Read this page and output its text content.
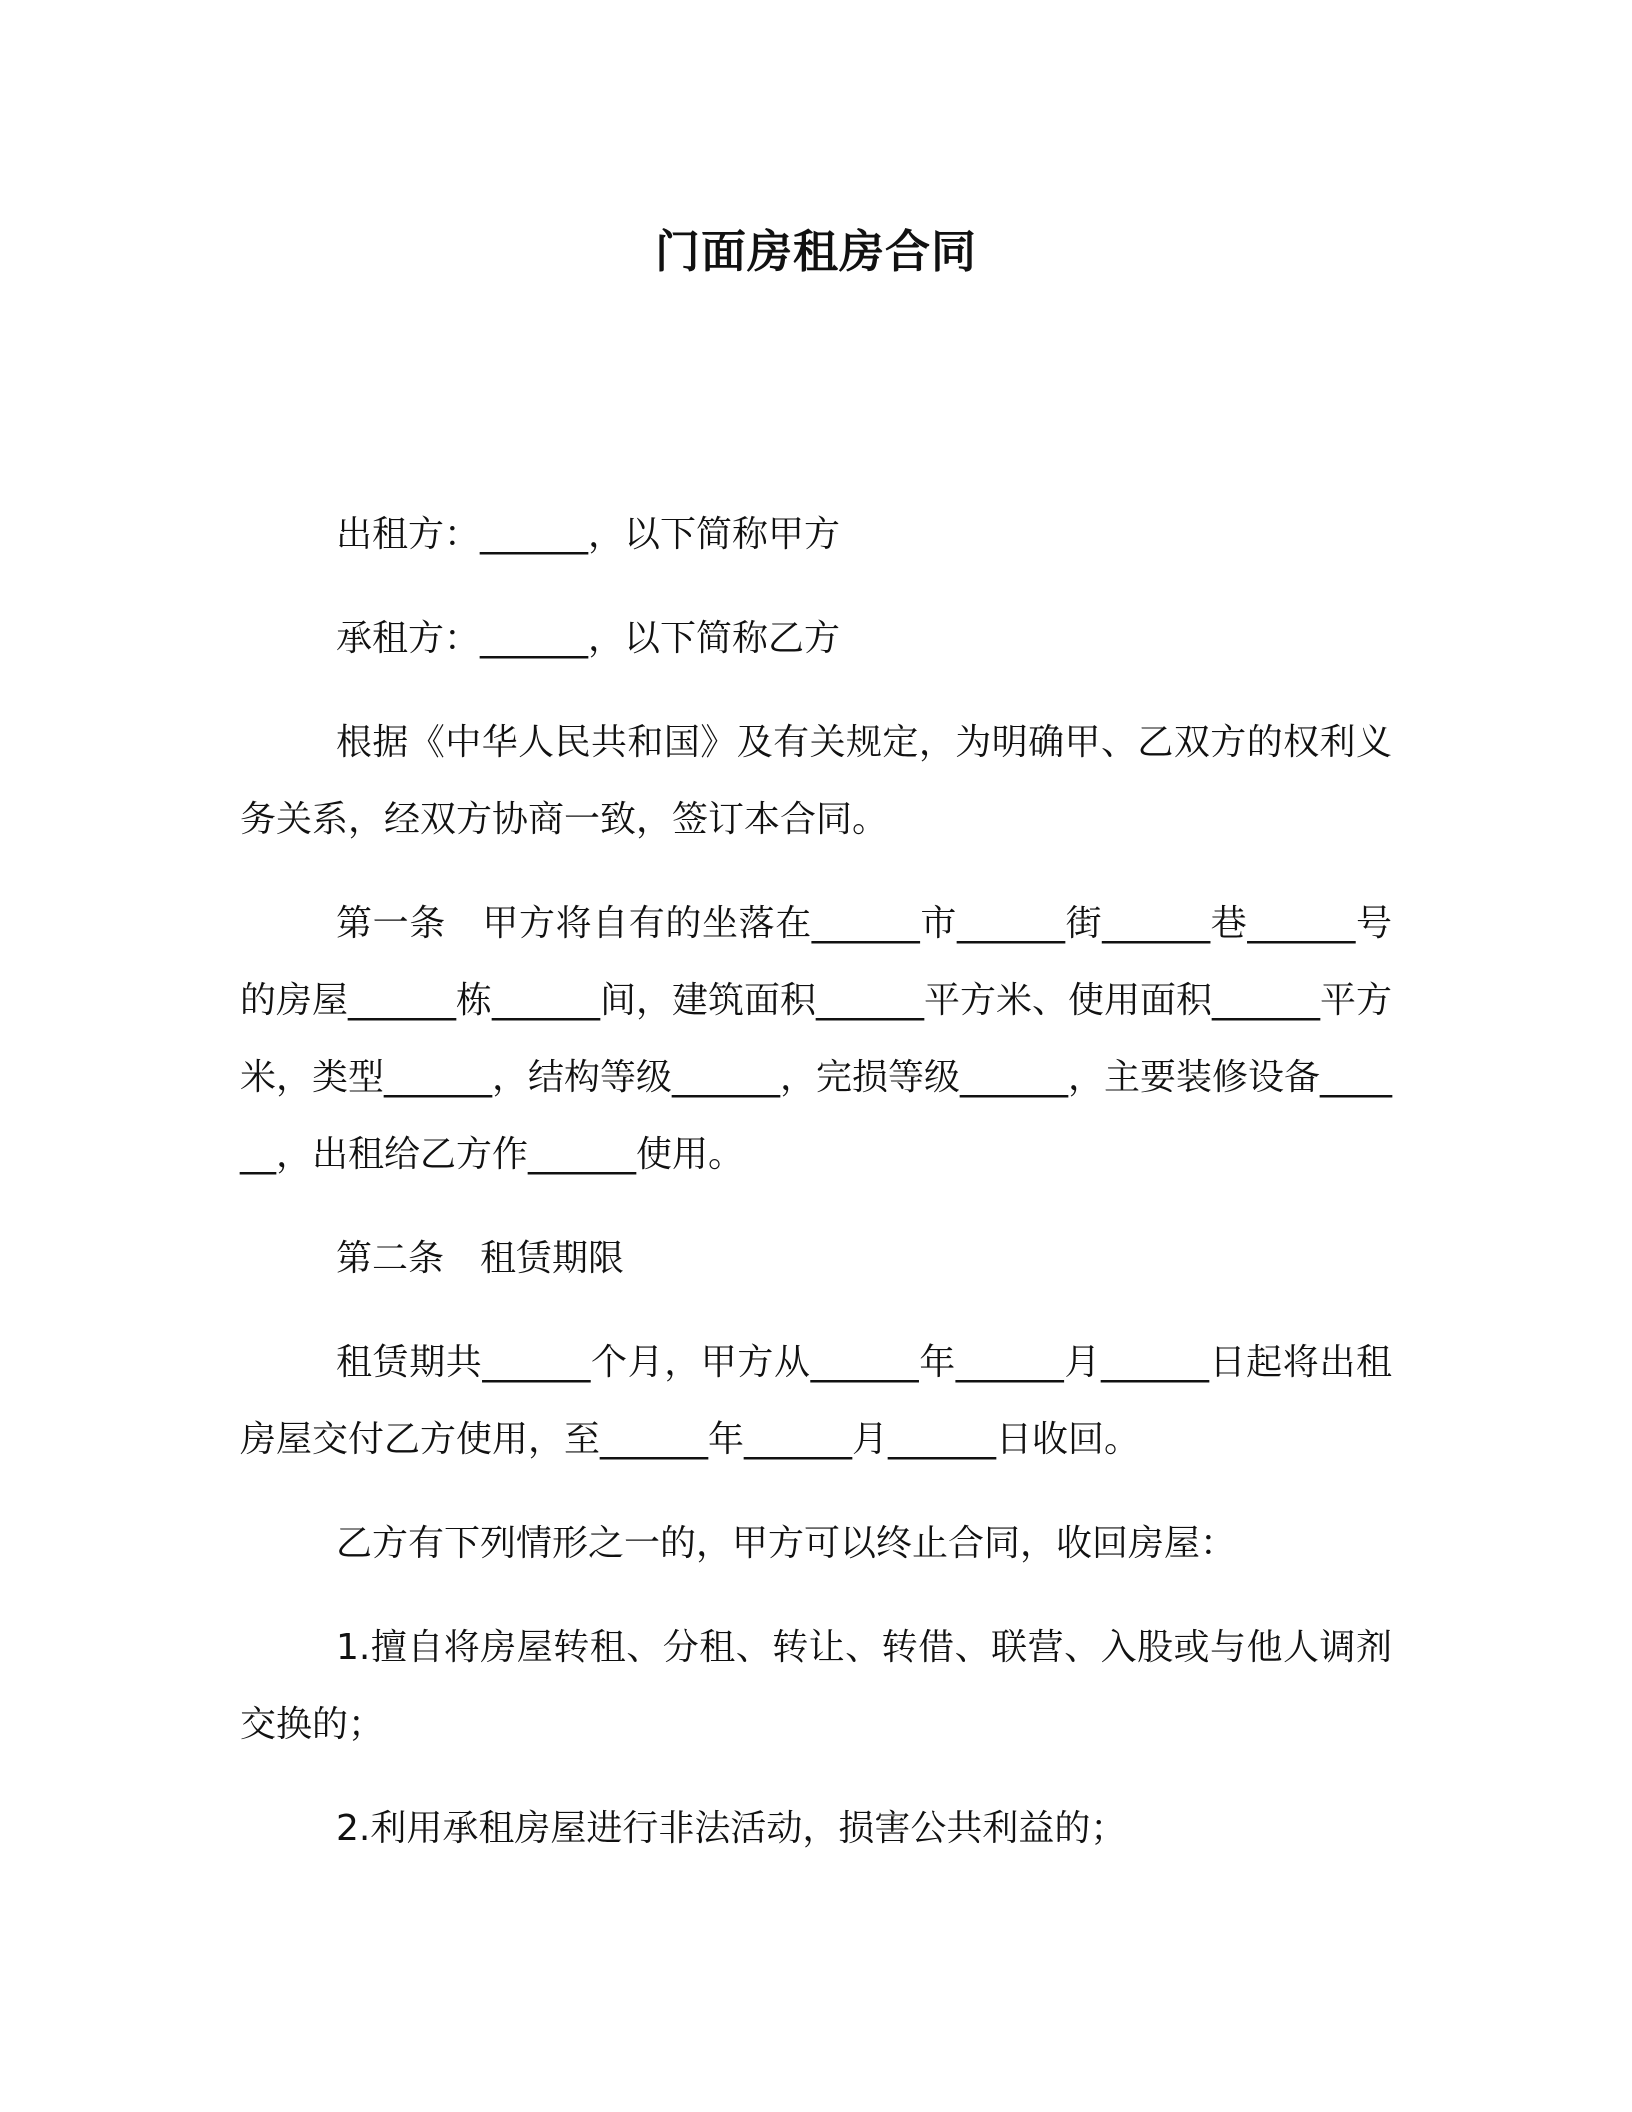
门面房租房合同

出租方：______，以下简称甲方

承租方：______，以下简称乙方

根据《中华人民共和国》及有关规定，为明确甲、乙双方的权利义务关系，经双方协商一致，签订本合同。

第一条　甲方将自有的坐落在______市______街______巷______号的房屋______栋______间，建筑面积______平方米、使用面积______平方米，类型______，结构等级______，完损等级______，主要装修设备______，出租给乙方作______使用。

第二条　租赁期限

租赁期共______个月，甲方从______年______月______日起将出租房屋交付乙方使用，至______年______月______日收回。

乙方有下列情形之一的，甲方可以终止合同，收回房屋：

1.擅自将房屋转租、分租、转让、转借、联营、入股或与他人调剂交换的；

2.利用承租房屋进行非法活动，损害公共利益的；
